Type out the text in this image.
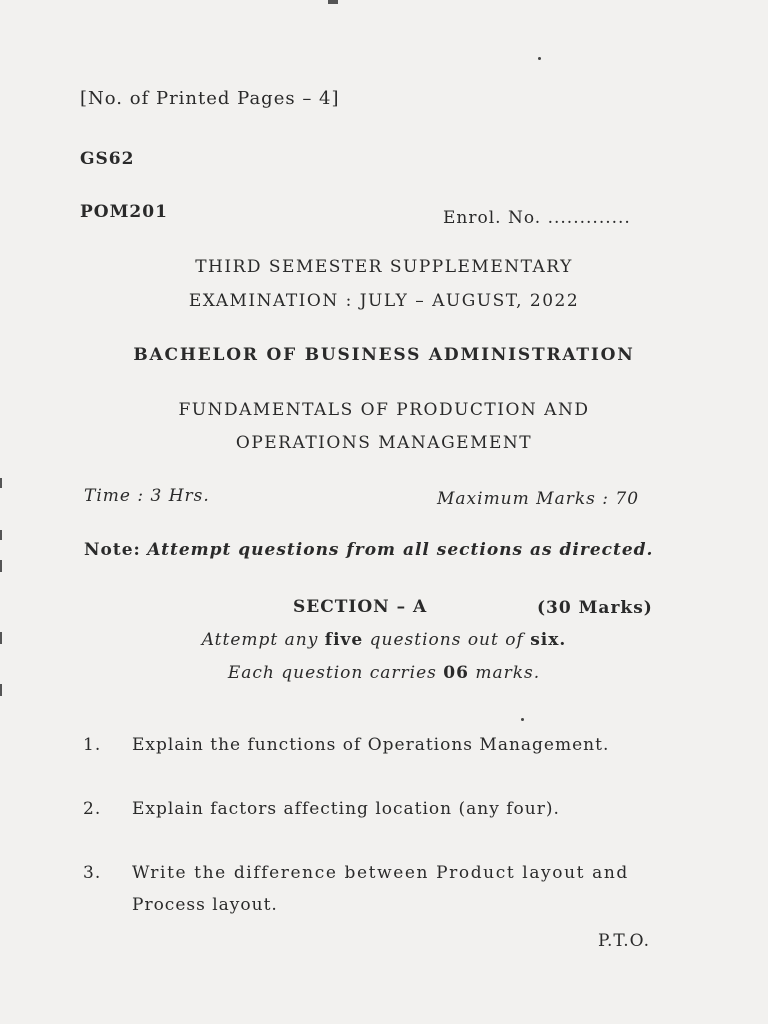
[No. of Printed Pages – 4]
GS62
POM201	Enrol. No. .............
THIRD SEMESTER SUPPLEMENTARY
EXAMINATION : JULY – AUGUST, 2022
BACHELOR OF BUSINESS ADMINISTRATION
FUNDAMENTALS OF PRODUCTION AND
OPERATIONS MANAGEMENT
Time : 3 Hrs.	Maximum Marks : 70
Note: Attempt questions from all sections as directed.
SECTION – A	(30 Marks)
Attempt any five questions out of six.
Each question carries 06 marks.
1. Explain the functions of Operations Management.
2. Explain factors affecting location (any four).
3. Write the difference between Product layout and
Process layout.
P.T.O.
